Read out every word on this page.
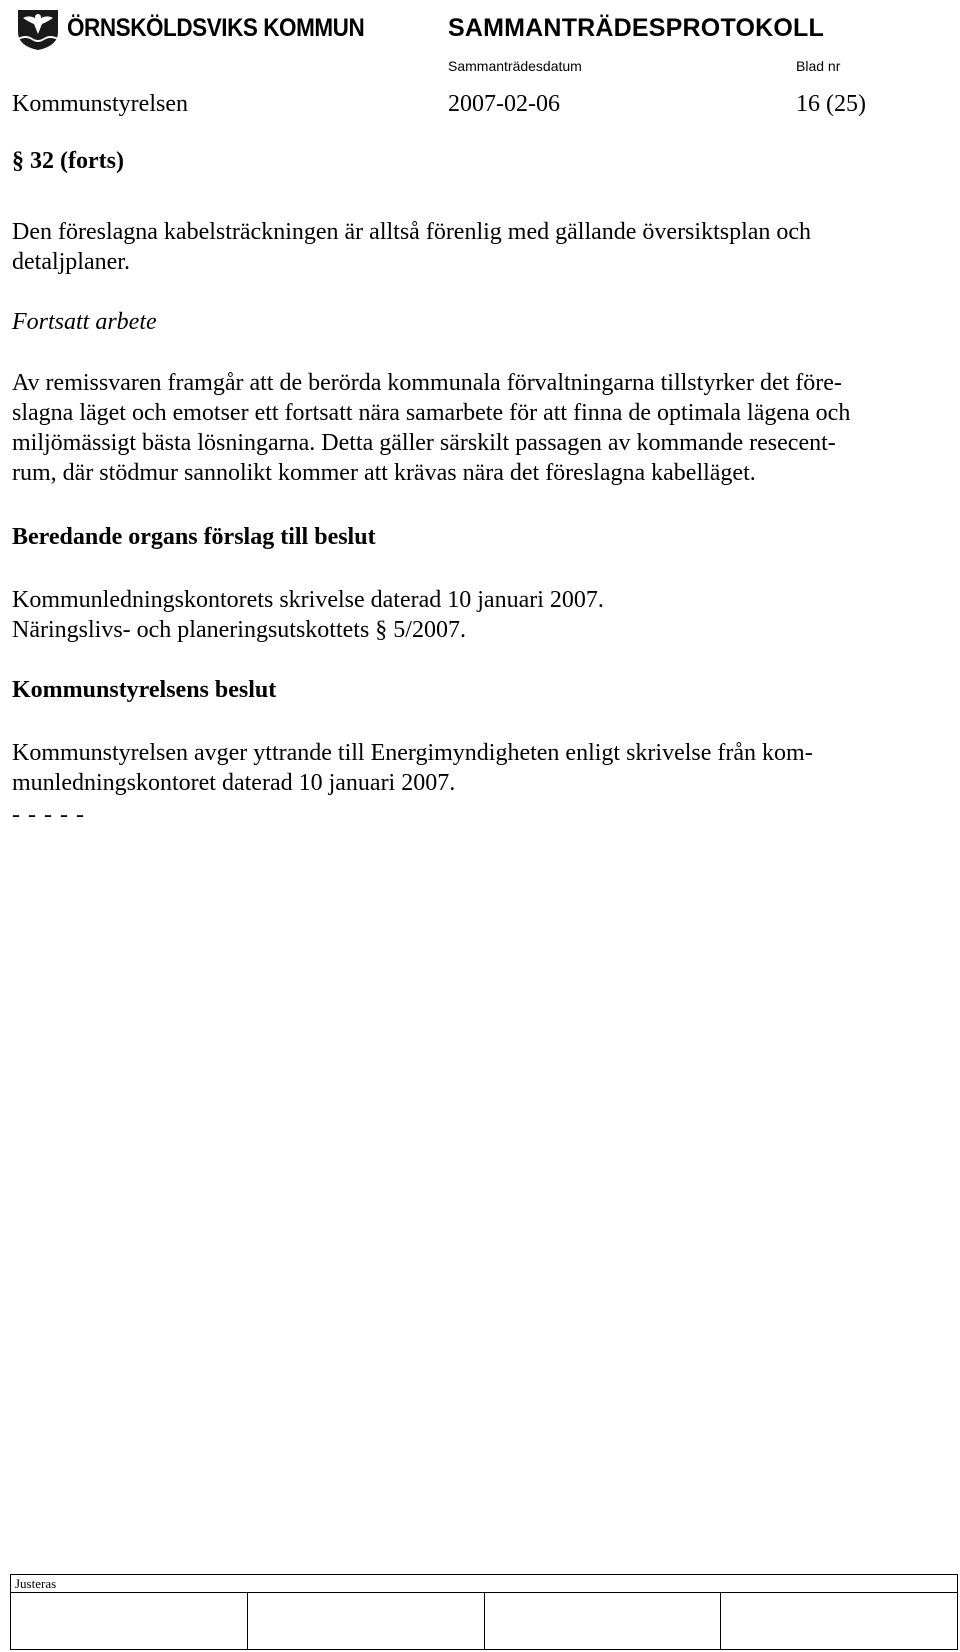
ÖRNSKÖLDSVIKS KOMMUN	SAMMANTRÄDESPROTOKOLL
Sammanträdesdatum	Blad nr
Kommunstyrelsen	2007-02-06	16 (25)
§ 32 (forts)
Den föreslagna kabelsträckningen är alltså förenlig med gällande översiktsplan och
detaljplaner.
Fortsatt arbete
Av remissvaren framgår att de berörda kommunala förvaltningarna tillstyrker det före-
slagna läget och emotser ett fortsatt nära samarbete för att finna de optimala lägena och
miljömässigt bästa lösningarna. Detta gäller särskilt passagen av kommande resecent-
rum, där stödmur sannolikt kommer att krävas nära det föreslagna kabelläget.
Beredande organs förslag till beslut
Kommunledningskontorets skrivelse daterad 10 januari 2007.
Näringslivs- och planeringsutskottets § 5/2007.
Kommunstyrelsens beslut
Kommunstyrelsen avger yttrande till Energimyndigheten enligt skrivelse från kom-
munledningskontoret daterad 10 januari 2007.
- - - - -
Justeras
